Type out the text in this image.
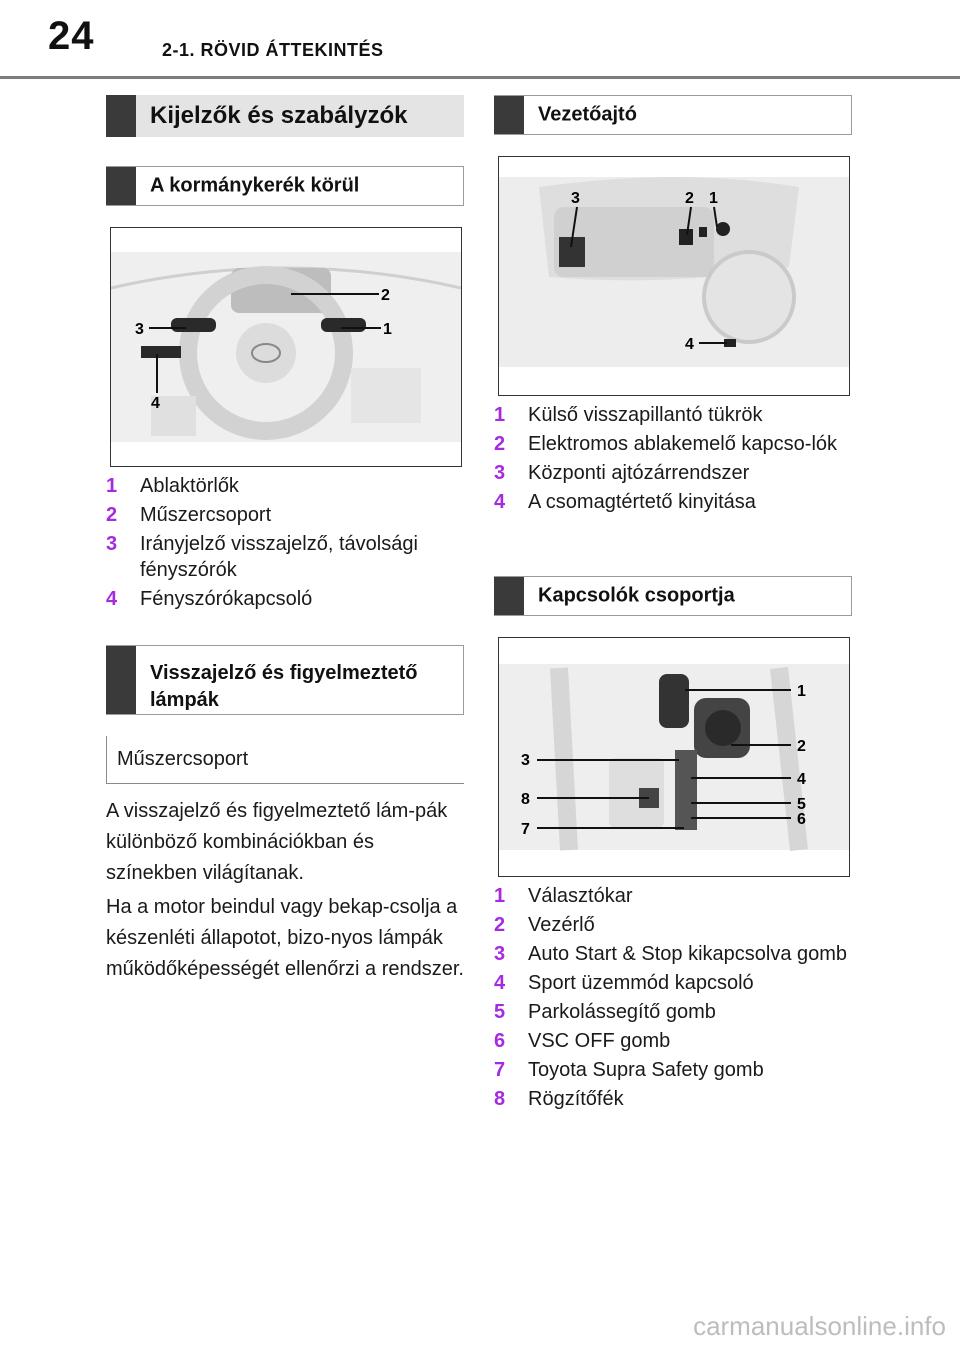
24	2-1. RÖVID ÁTTEKINTÉS
Kijelzők és szabályzók
A kormánykerék körül
2
1
3
4
1 Ablaktörlők
2 Műszercsoport
3 Irányjelző visszajelző, távolsági fényszórók
4 Fényszórókapcsoló
Visszajelző és figyelmeztető lámpák
Műszercsoport

A visszajelző és figyelmeztető lám-pák különböző kombinációkban és színekben világítanak.

Ha a motor beindul vagy bekap-csolja a készenléti állapotot, bizo-nyos lámpák működőképességét ellenőrzi a rendszer.

Vezetőajtó
3	2 1
4
1 Külső visszapillantó tükrök
2 Elektromos ablakemelő kapcso-lók
3 Központi ajtózárrendszer
4 A csomagtértető kinyitása
Kapcsolók csoportja
1
2
3
4
5
6
7
8
1 Választókar
2 Vezérlő
3 Auto Start & Stop kikapcsolva gomb
4 Sport üzemmód kapcsoló
5 Parkolássegítő gomb
6 VSC OFF gomb
7 Toyota Supra Safety gomb
8 Rögzítőfék
carmanualsonline.info
